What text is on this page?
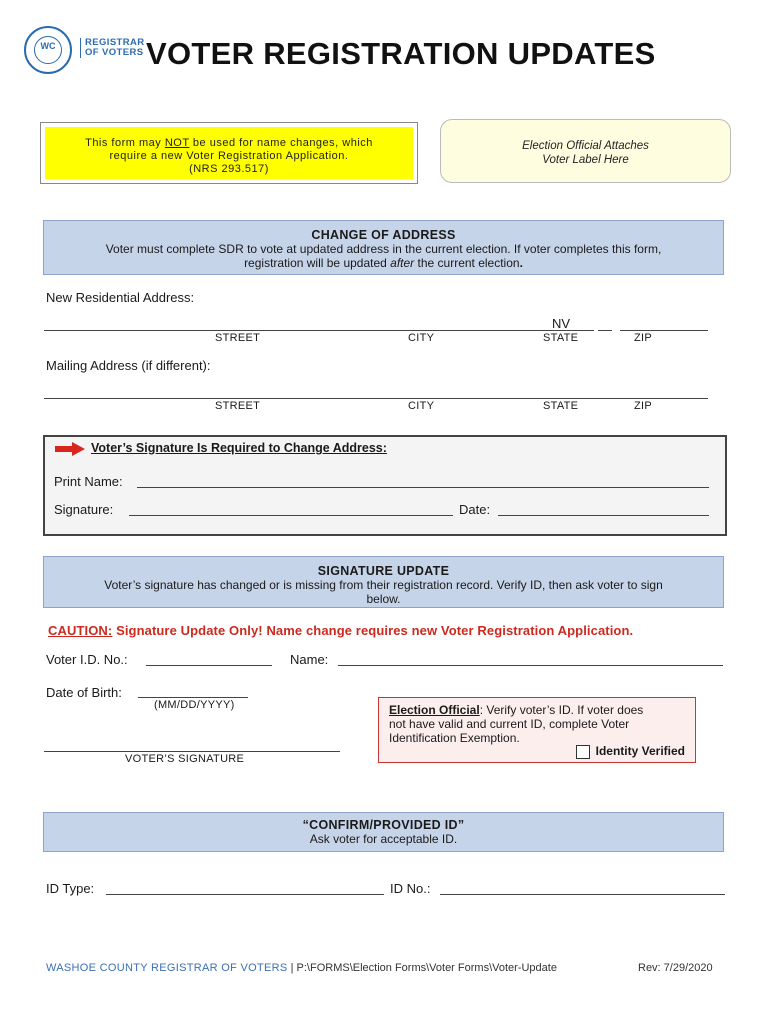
WC	REGISTRAR
OF VOTERS VOTER REGISTRATION UPDATES
This form may NOT be used for name changes, which
require a new Voter Registration Application.
(NRS 293.517)
Election Official Attaches
Voter Label Here
CHANGE OF ADDRESS
Voter must complete SDR to vote at updated address in the current election. If voter completes this form,
registration will be updated after the current election.
New Residential Address:
NV
STREET	CITY	STATE	ZIP
Mailing Address (if different):
STREET	CITY	STATE	ZIP
Voter’s Signature Is Required to Change Address:
Print Name:
Signature:	Date:
SIGNATURE UPDATE
Voter’s signature has changed or is missing from their registration record. Verify ID, then ask voter to sign
below.
CAUTION: Signature Update Only! Name change requires new Voter Registration Application.
Voter I.D. No.:	Name:
Date of Birth:
(MM/DD/YYYY)
VOTER’S SIGNATURE
Election Official: Verify voter’s ID. If voter does
not have valid and current ID, complete Voter
Identification Exemption.
Identity Verified
“CONFIRM/PROVIDED ID”
Ask voter for acceptable ID.
ID Type:	ID No.:
WASHOE COUNTY REGISTRAR OF VOTERS | P:\FORMS\Election Forms\Voter Forms\Voter-Update	Rev: 7/29/2020
